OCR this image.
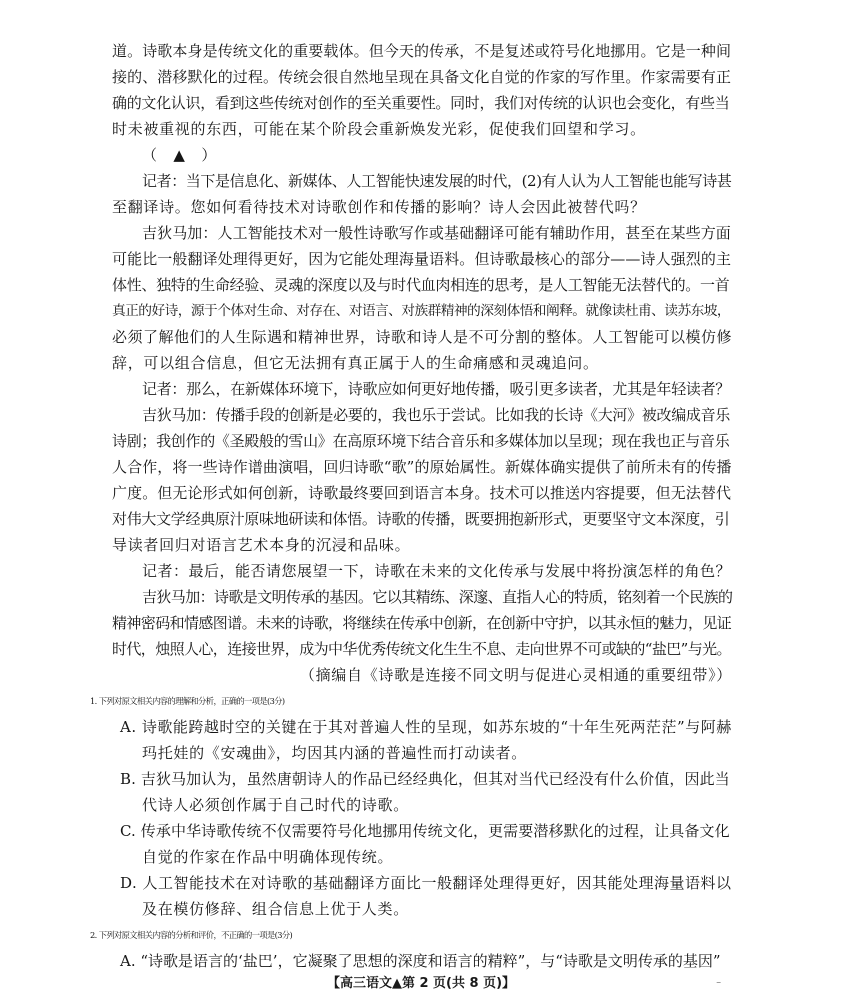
道。诗歌本身是传统文化的重要载体。但今天的传承，不是复述或符号化地挪用。它是一种间
接的、潜移默化的过程。传统会很自然地呈现在具备文化自觉的作家的写作里。作家需要有正
确的文化认识，看到这些传统对创作的至关重要性。同时，我们对传统的认识也会变化，有些当
时未被重视的东西，可能在某个阶段会重新焕发光彩，促使我们回望和学习。
（　▲　）
记者：当下是信息化、新媒体、人工智能快速发展的时代，(2)有人认为人工智能也能写诗甚
至翻译诗。您如何看待技术对诗歌创作和传播的影响？诗人会因此被替代吗？
吉狄马加：人工智能技术对一般性诗歌写作或基础翻译可能有辅助作用，甚至在某些方面
可能比一般翻译处理得更好，因为它能处理海量语料。但诗歌最核心的部分——诗人强烈的主
体性、独特的生命经验、灵魂的深度以及与时代血肉相连的思考，是人工智能无法替代的。一首
真正的好诗，源于个体对生命、对存在、对语言、对族群精神的深刻体悟和阐释。就像读杜甫、读苏东坡，
必须了解他们的人生际遇和精神世界，诗歌和诗人是不可分割的整体。人工智能可以模仿修
辞，可以组合信息，但它无法拥有真正属于人的生命痛感和灵魂追问。
记者：那么，在新媒体环境下，诗歌应如何更好地传播，吸引更多读者，尤其是年轻读者？
吉狄马加：传播手段的创新是必要的，我也乐于尝试。比如我的长诗《大河》被改编成音乐
诗剧；我创作的《圣殿般的雪山》在高原环境下结合音乐和多媒体加以呈现；现在我也正与音乐
人合作，将一些诗作谱曲演唱，回归诗歌“歌”的原始属性。新媒体确实提供了前所未有的传播
广度。但无论形式如何创新，诗歌最终要回到语言本身。技术可以推送内容提要，但无法替代
对伟大文学经典原汁原味地研读和体悟。诗歌的传播，既要拥抱新形式，更要坚守文本深度，引
导读者回归对语言艺术本身的沉浸和品味。
记者：最后，能否请您展望一下，诗歌在未来的文化传承与发展中将扮演怎样的角色？
吉狄马加：诗歌是文明传承的基因。它以其精练、深邃、直指人心的特质，铭刻着一个民族的
精神密码和情感图谱。未来的诗歌，将继续在传承中创新，在创新中守护，以其永恒的魅力，见证
时代，烛照人心，连接世界，成为中华优秀传统文化生生不息、走向世界不可或缺的“盐巴”与光。
（摘编自《诗歌是连接不同文明与促进心灵相通的重要纽带》）
1. 下列对原文相关内容的理解和分析，正确的一项是(3分)
A. 诗歌能跨越时空的关键在于其对普遍人性的呈现，如苏东坡的“十年生死两茫茫”与阿赫
玛托娃的《安魂曲》，均因其内涵的普遍性而打动读者。
B. 吉狄马加认为，虽然唐朝诗人的作品已经经典化，但其对当代已经没有什么价值，因此当
代诗人必须创作属于自己时代的诗歌。
C. 传承中华诗歌传统不仅需要符号化地挪用传统文化，更需要潜移默化的过程，让具备文化
自觉的作家在作品中明确体现传统。
D. 人工智能技术在对诗歌的基础翻译方面比一般翻译处理得更好，因其能处理海量语料以
及在模仿修辞、组合信息上优于人类。
2. 下列对原文相关内容的分析和评价，不正确的一项是(3分)
A. “诗歌是语言的‘盐巴’，它凝聚了思想的深度和语言的精粹”，与“诗歌是文明传承的基因”
【高三语文▲第 2 页(共 8 页)】	⁻
